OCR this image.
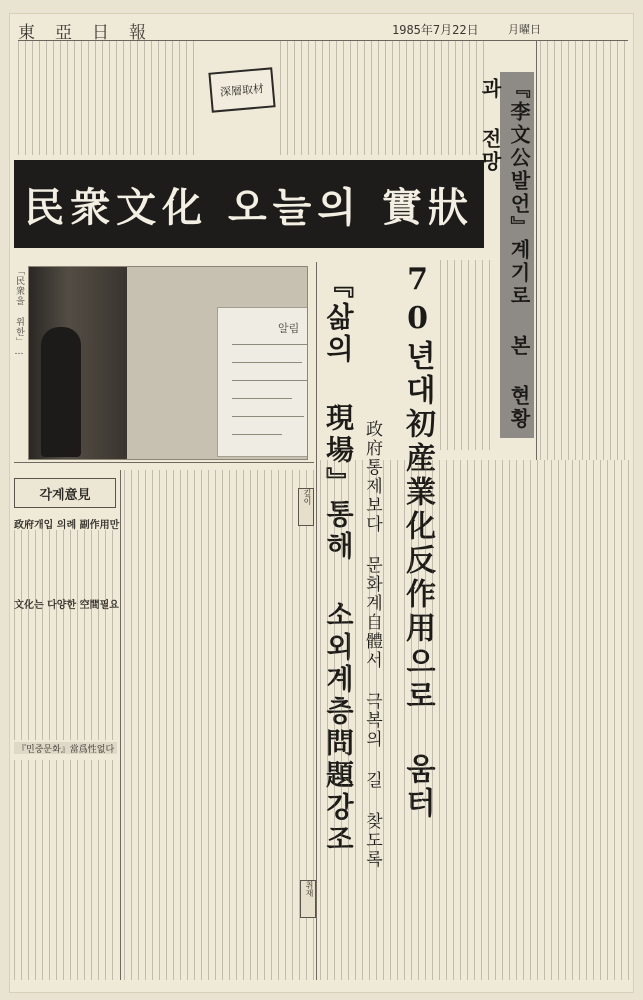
東亞日報	1985年7月22日	月曜日
深層取材
民衆文化 오늘의 實狀	『李文公발언』계기로 본 현황과 전망
70년대初産業化反作用으로 움터
政府통제보다 문화계自體서 극복의 길 찾도록
『삶의 現場』통해 소외계층問題강조
알림
「民衆을 위한」…
각계意見
政府개입 의례 副作用만
文化는 다양한 空間필요
『민중문화』當爲性없다
깊이
취재
